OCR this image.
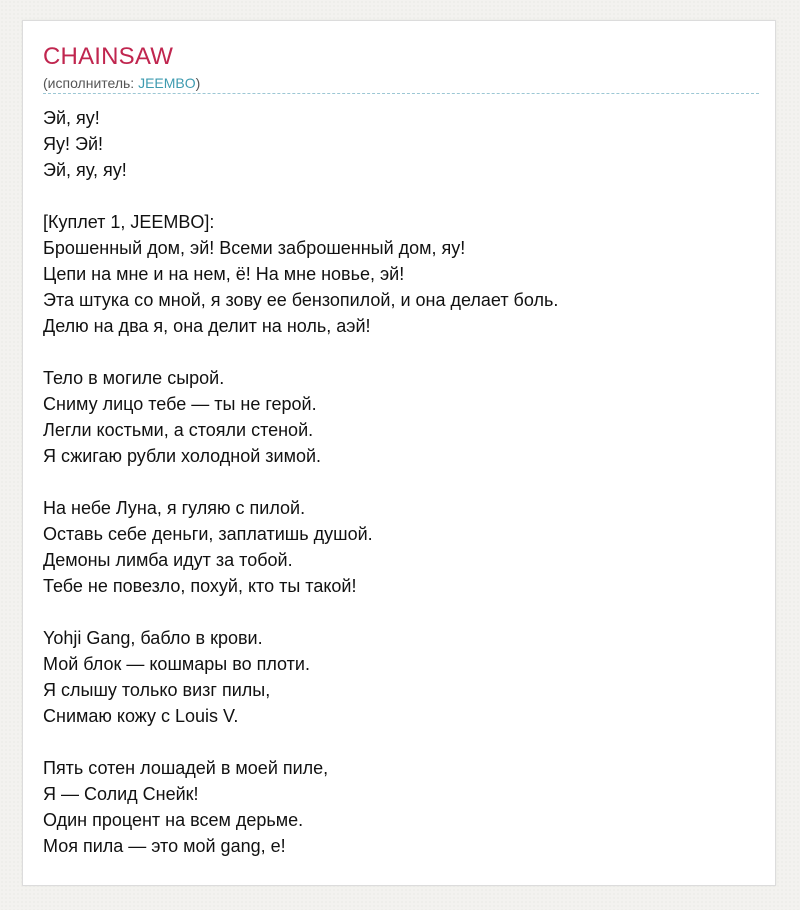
CHAINSAW
(исполнитель: JEEMBO)
Эй, яу!
Яу! Эй!
Эй, яу, яу!
[Куплет 1, JEEMBO]:
Брошенный дом, эй! Всеми заброшенный дом, яу!
Цепи на мне и на нем, ё! На мне новье, эй!
Эта штука со мной, я зову ее бензопилой, и она делает боль.
Делю на два я, она делит на ноль, аэй!
Тело в могиле сырой.
Сниму лицо тебе — ты не герой.
Легли костьми, а стояли стеной.
Я сжигаю рубли холодной зимой.
На небе Луна, я гуляю с пилой.
Оставь себе деньги, заплатишь душой.
Демоны лимба идут за тобой.
Тебе не повезло, похуй, кто ты такой!
Yohji Gang, бабло в крови.
Мой блок — кошмары во плоти.
Я слышу только визг пилы,
Снимаю кожу с Louis V.
Пять сотен лошадей в моей пиле,
Я — Солид Снейк!
Один процент на всем дерьме.
Моя пила — это мой gang, е!
